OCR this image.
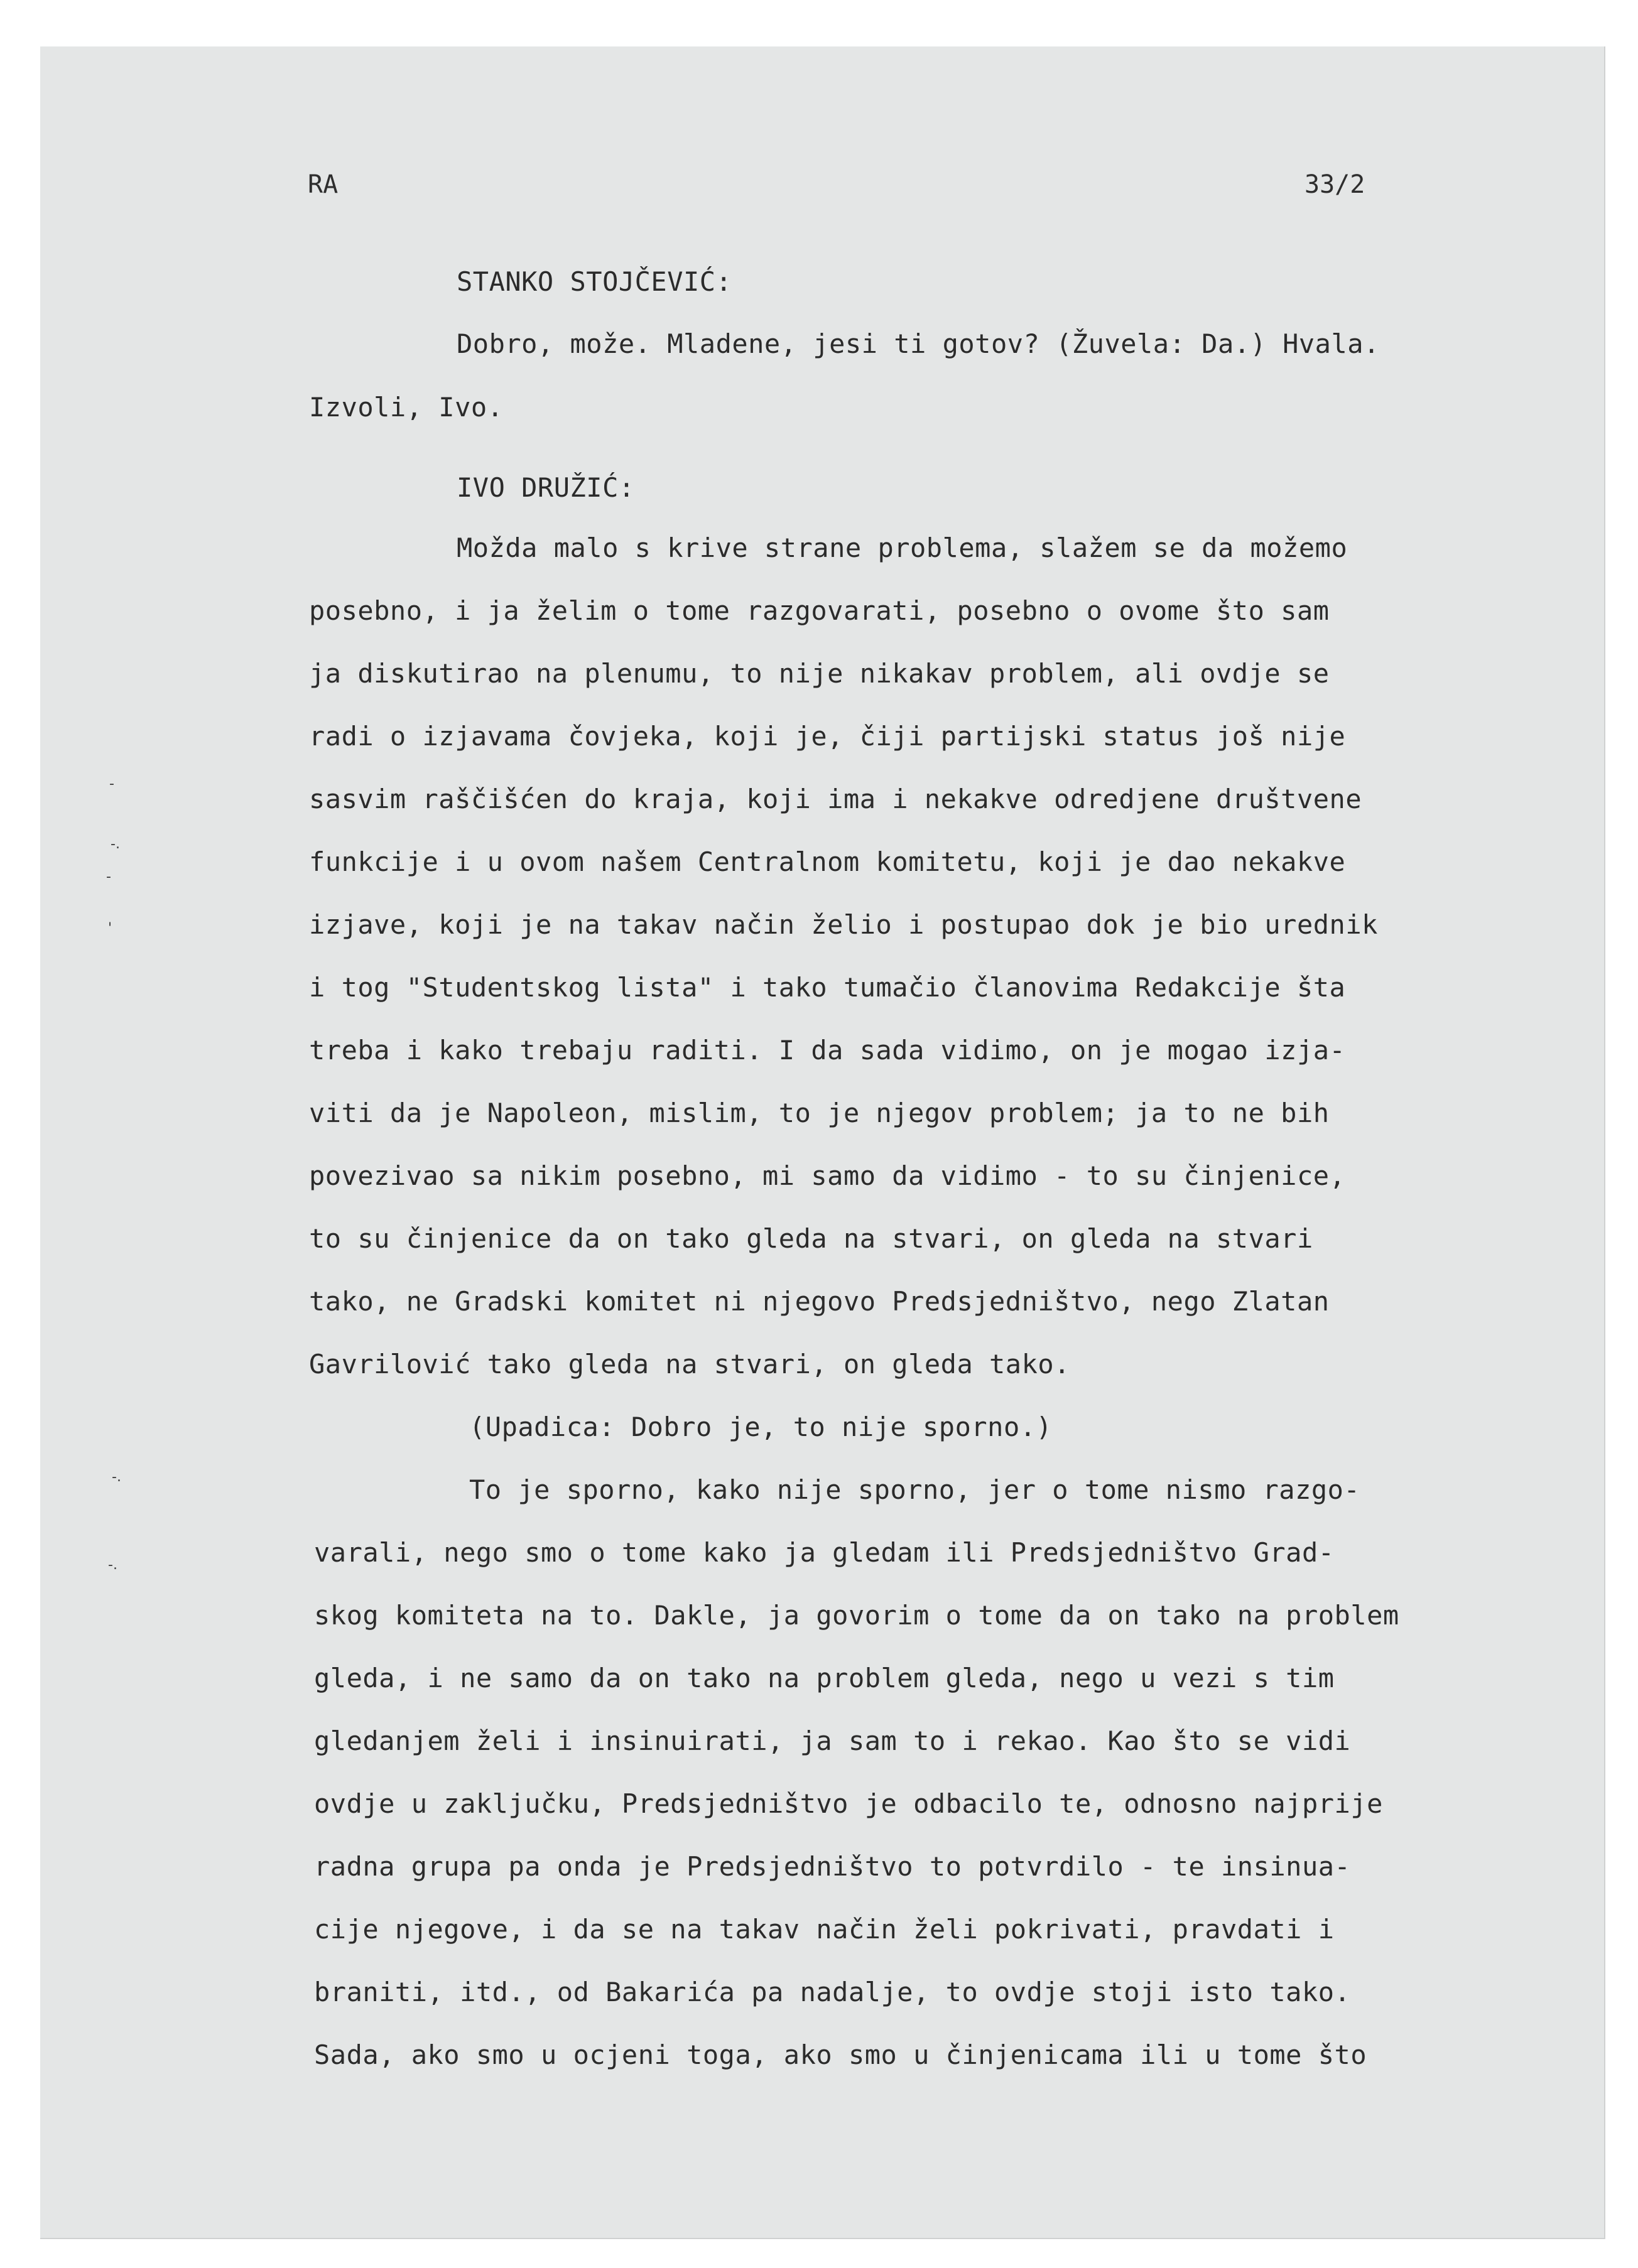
RA	33/2
-
-.
-
'
-.
-.
STANKO STOJČEVIĆ:
Dobro, može. Mladene, jesi ti gotov? (Žuvela: Da.) Hvala.
Izvoli, Ivo.
IVO DRUŽIĆ:
Možda malo s krive strane problema, slažem se da možemo
posebno, i ja želim o tome razgovarati, posebno o ovome što sam
ja diskutirao na plenumu, to nije nikakav problem, ali ovdje se
radi o izjavama čovjeka, koji je, čiji partijski status još nije
sasvim raščišćen do kraja, koji ima i nekakve odredjene društvene
funkcije i u ovom našem Centralnom komitetu, koji je dao nekakve
izjave, koji je na takav način želio i postupao dok je bio urednik
i tog "Studentskog lista" i tako tumačio članovima Redakcije šta
treba i kako trebaju raditi. I da sada vidimo, on je mogao izja-
viti da je Napoleon, mislim, to je njegov problem; ja to ne bih
povezivao sa nikim posebno, mi samo da vidimo - to su činjenice,
to su činjenice da on tako gleda na stvari, on gleda na stvari
tako, ne Gradski komitet ni njegovo Predsjedništvo, nego Zlatan
Gavrilović tako gleda na stvari, on gleda tako.
(Upadica: Dobro je, to nije sporno.)
To je sporno, kako nije sporno, jer o tome nismo razgo-
varali, nego smo o tome kako ja gledam ili Predsjedništvo Grad-
skog komiteta na to. Dakle, ja govorim o tome da on tako na problem
gleda, i ne samo da on tako na problem gleda, nego u vezi s tim
gledanjem želi i insinuirati, ja sam to i rekao. Kao što se vidi
ovdje u zaključku, Predsjedništvo je odbacilo te, odnosno najprije
radna grupa pa onda je Predsjedništvo to potvrdilo - te insinua-
cije njegove, i da se na takav način želi pokrivati, pravdati i
braniti, itd., od Bakarića pa nadalje, to ovdje stoji isto tako.
Sada, ako smo u ocjeni toga, ako smo u činjenicama ili u tome što
